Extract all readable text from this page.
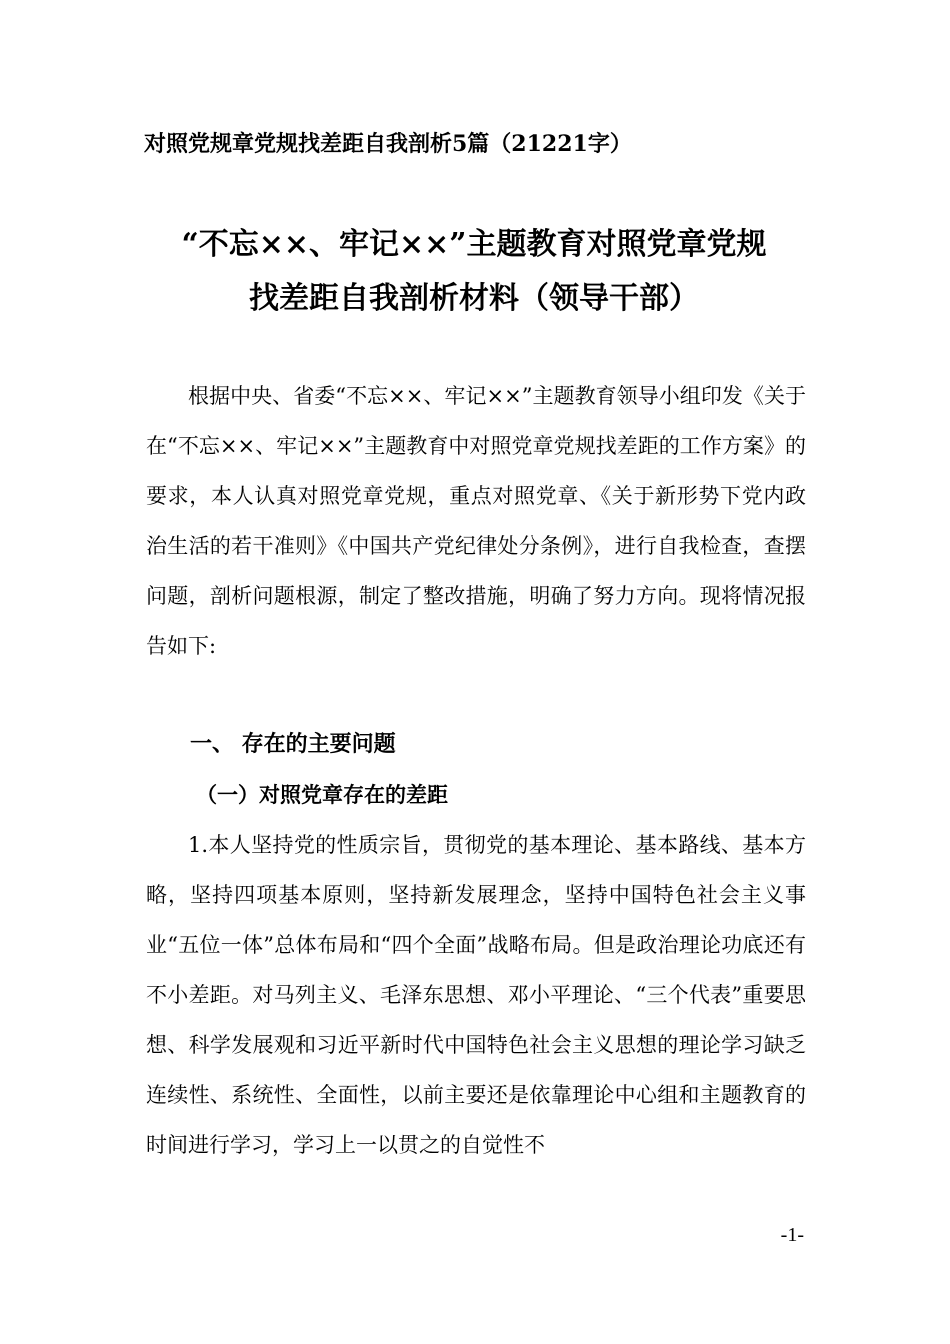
对照党规章党规找差距自我剖析5篇（21221字）
“不忘××、牢记××”主题教育对照党章党规
找差距自我剖析材料（领导干部）

根据中央、省委“不忘××、牢记××”主题教育领导小组印发《关于在“不忘××、牢记××”主题教育中对照党章党规找差距的工作方案》的要求，本人认真对照党章党规，重点对照党章、《关于新形势下党内政治生活的若干准则》《中国共产党纪律处分条例》，进行自我检查，查摆问题，剖析问题根源，制定了整改措施，明确了努力方向。现将情况报告如下:

一、 存在的主要问题
（一）对照党章存在的差距

1.本人坚持党的性质宗旨，贯彻党的基本理论、基本路线、基本方略，坚持四项基本原则，坚持新发展理念，坚持中国特色社会主义事业“五位一体”总体布局和“四个全面”战略布局。但是政治理论功底还有不小差距。对马列主义、毛泽东思想、邓小平理论、“三个代表”重要思想、科学发展观和习近平新时代中国特色社会主义思想的理论学习缺乏连续性、系统性、全面性，以前主要还是依靠理论中心组和主题教育的时间进行学习，学习上一以贯之的自觉性不

-1-
